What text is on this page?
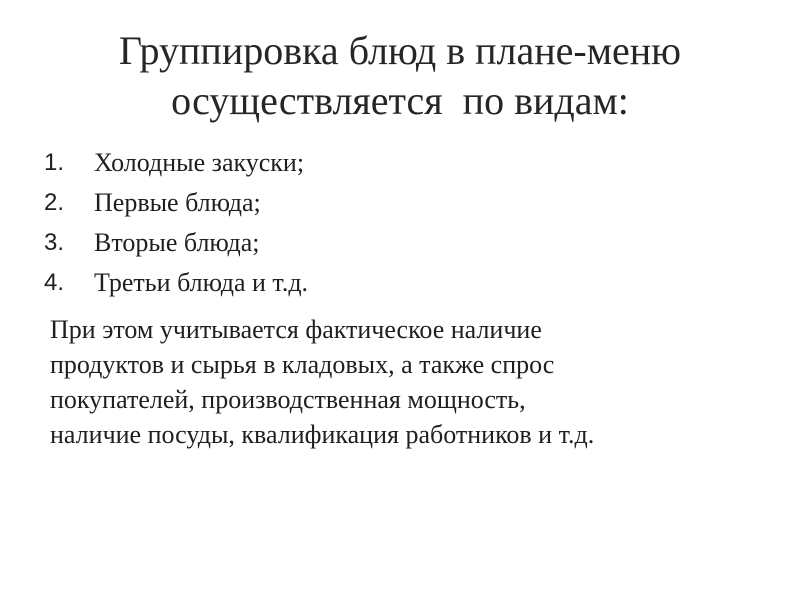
Группировка блюд в плане-меню
осуществляется  по видам:
1.	Холодные закуски;
2.	Первые блюда;
3.	Вторые блюда;
4.	Третьи блюда и т.д.
При этом учитывается фактическое наличие
продуктов и сырья в кладовых, а также спрос
покупателей, производственная мощность,
наличие посуды, квалификация работников и т.д.
